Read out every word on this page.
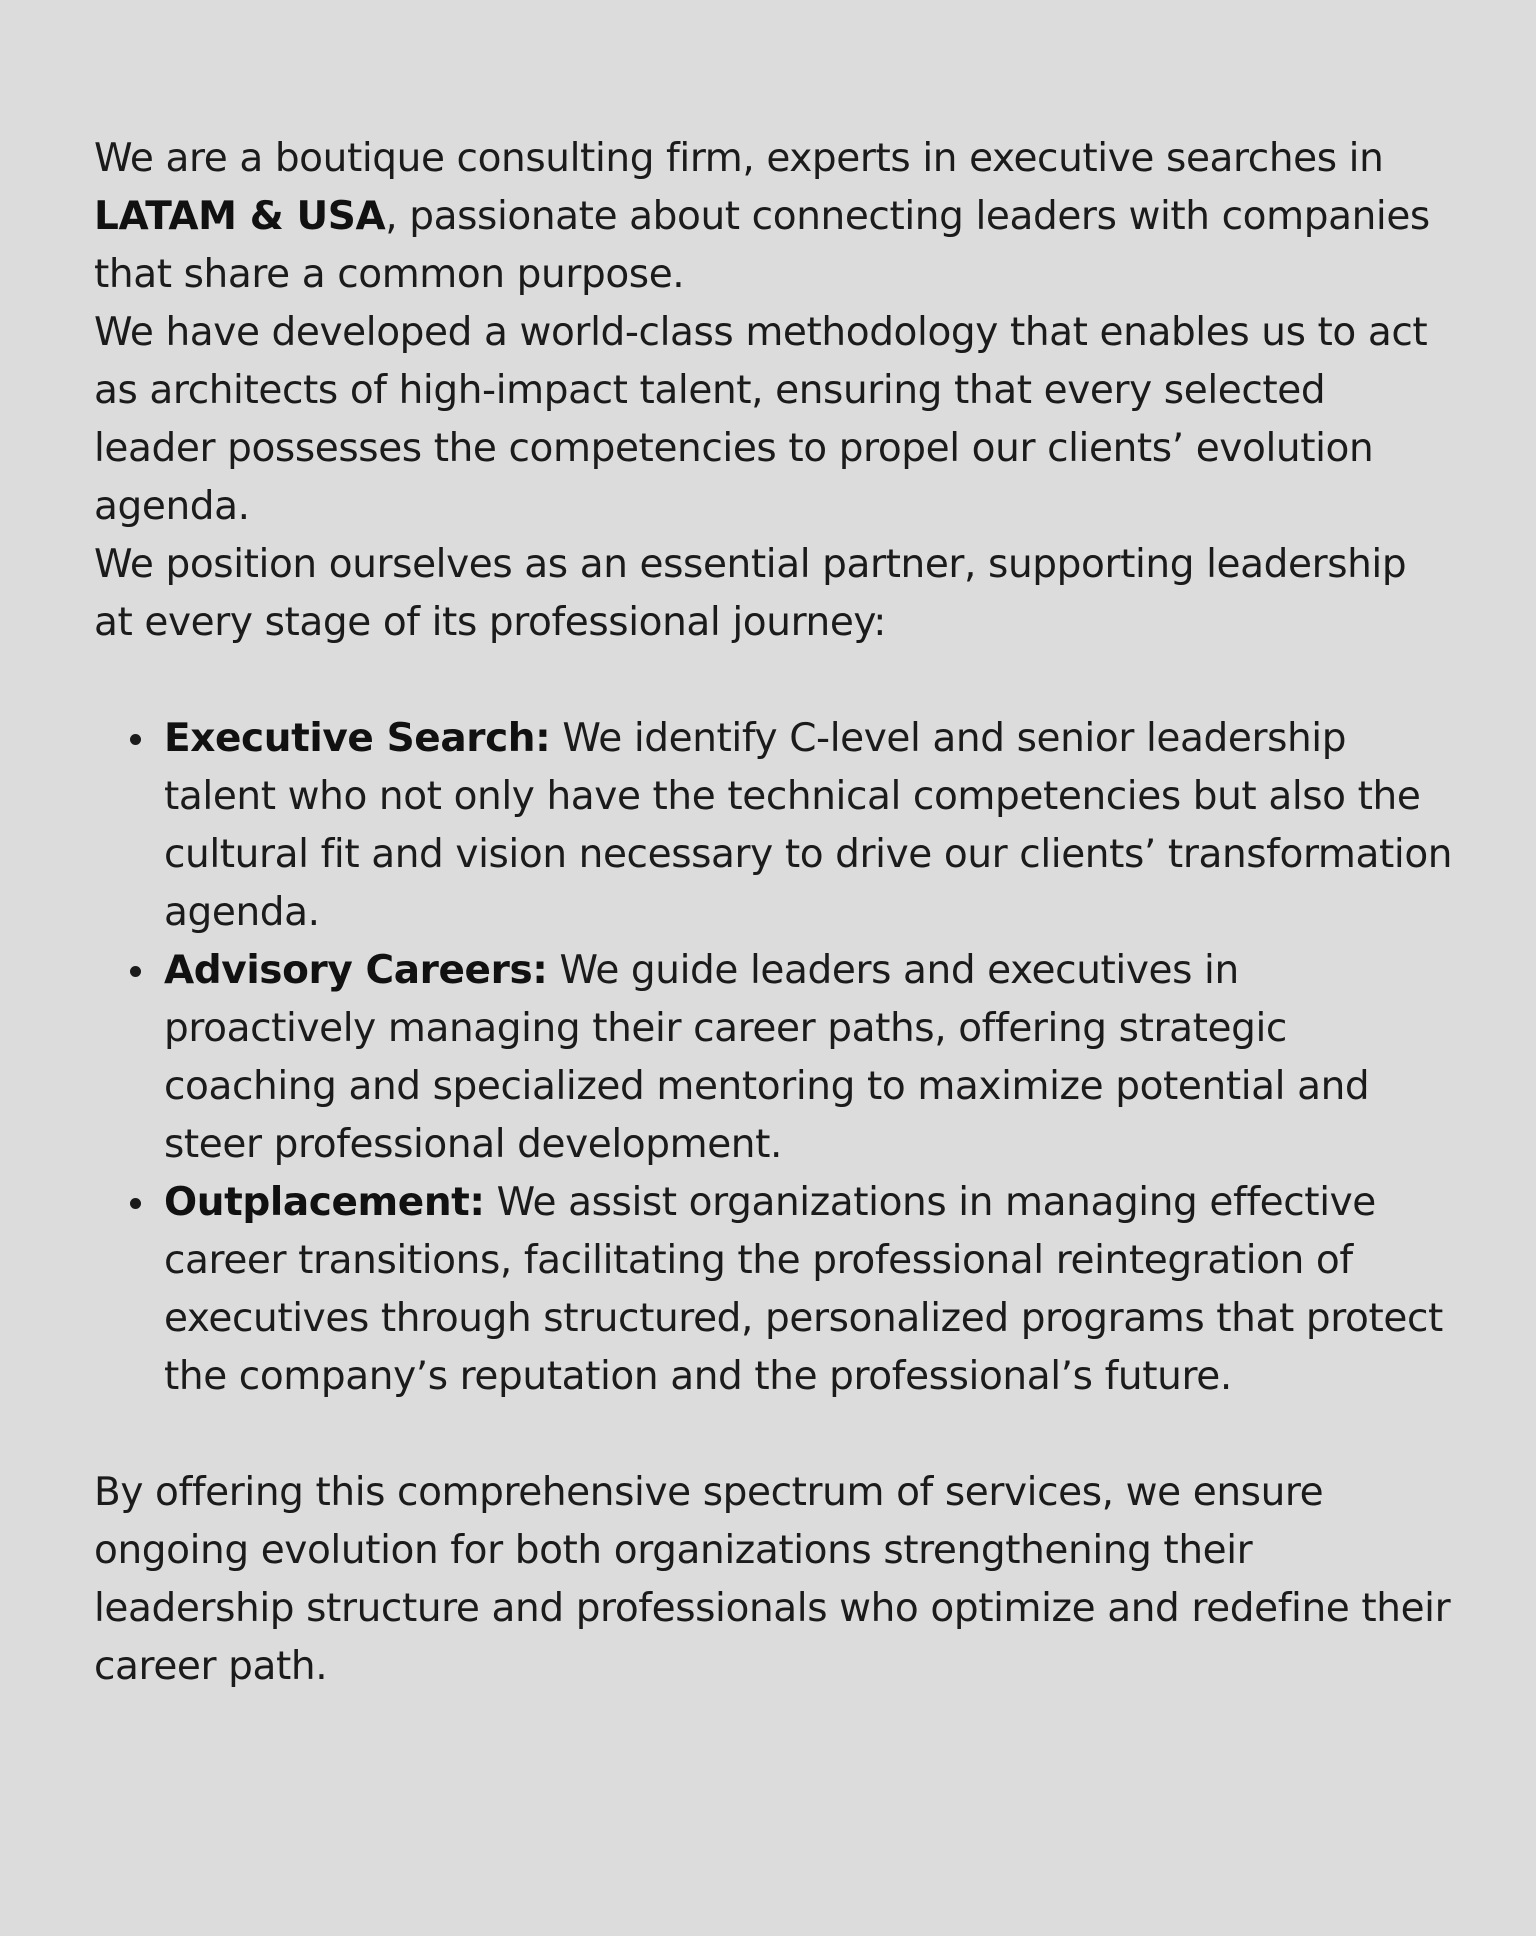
We are a boutique consulting firm, experts in executive searches in LATAM & USA, passionate about connecting leaders with companies that share a common purpose.

We have developed a world-class methodology that enables us to act as architects of high-impact talent, ensuring that every selected leader possesses the competencies to propel our clients’ evolution agenda.

We position ourselves as an essential partner, supporting leadership at every stage of its professional journey:

Executive Search: We identify C-level and senior leadership talent who not only have the technical competencies but also the cultural fit and vision necessary to drive our clients’ transformation agenda.
Advisory Careers: We guide leaders and executives in proactively managing their career paths, offering strategic coaching and specialized mentoring to maximize potential and steer professional development.
Outplacement: We assist organizations in managing effective career transitions, facilitating the professional reintegration of executives through structured, personalized programs that protect the company’s reputation and the professional’s future.

By offering this comprehensive spectrum of services, we ensure ongoing evolution for both organizations strengthening their leadership structure and professionals who optimize and redefine their career path.
